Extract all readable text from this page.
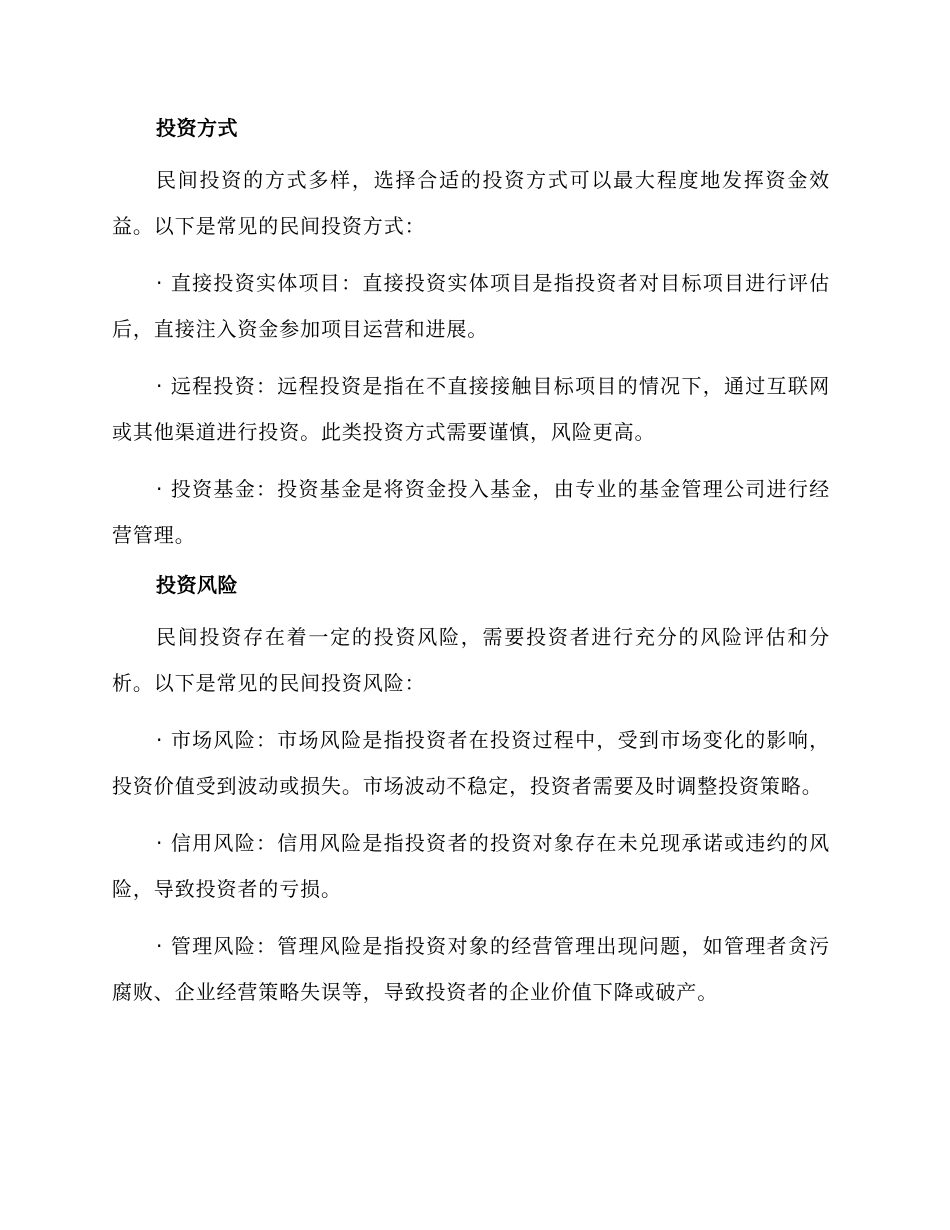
投资方式

民间投资的方式多样，选择合适的投资方式可以最大程度地发挥资金效益。以下是常见的民间投资方式：

· 直接投资实体项目：直接投资实体项目是指投资者对目标项目进行评估后，直接注入资金参加项目运营和进展。

· 远程投资：远程投资是指在不直接接触目标项目的情况下，通过互联网或其他渠道进行投资。此类投资方式需要谨慎，风险更高。

· 投资基金：投资基金是将资金投入基金，由专业的基金管理公司进行经营管理。

投资风险

民间投资存在着一定的投资风险，需要投资者进行充分的风险评估和分析。以下是常见的民间投资风险：

· 市场风险：市场风险是指投资者在投资过程中，受到市场变化的影响，投资价值受到波动或损失。市场波动不稳定，投资者需要及时调整投资策略。

· 信用风险：信用风险是指投资者的投资对象存在未兑现承诺或违约的风险，导致投资者的亏损。

· 管理风险：管理风险是指投资对象的经营管理出现问题，如管理者贪污腐败、企业经营策略失误等，导致投资者的企业价值下降或破产。
